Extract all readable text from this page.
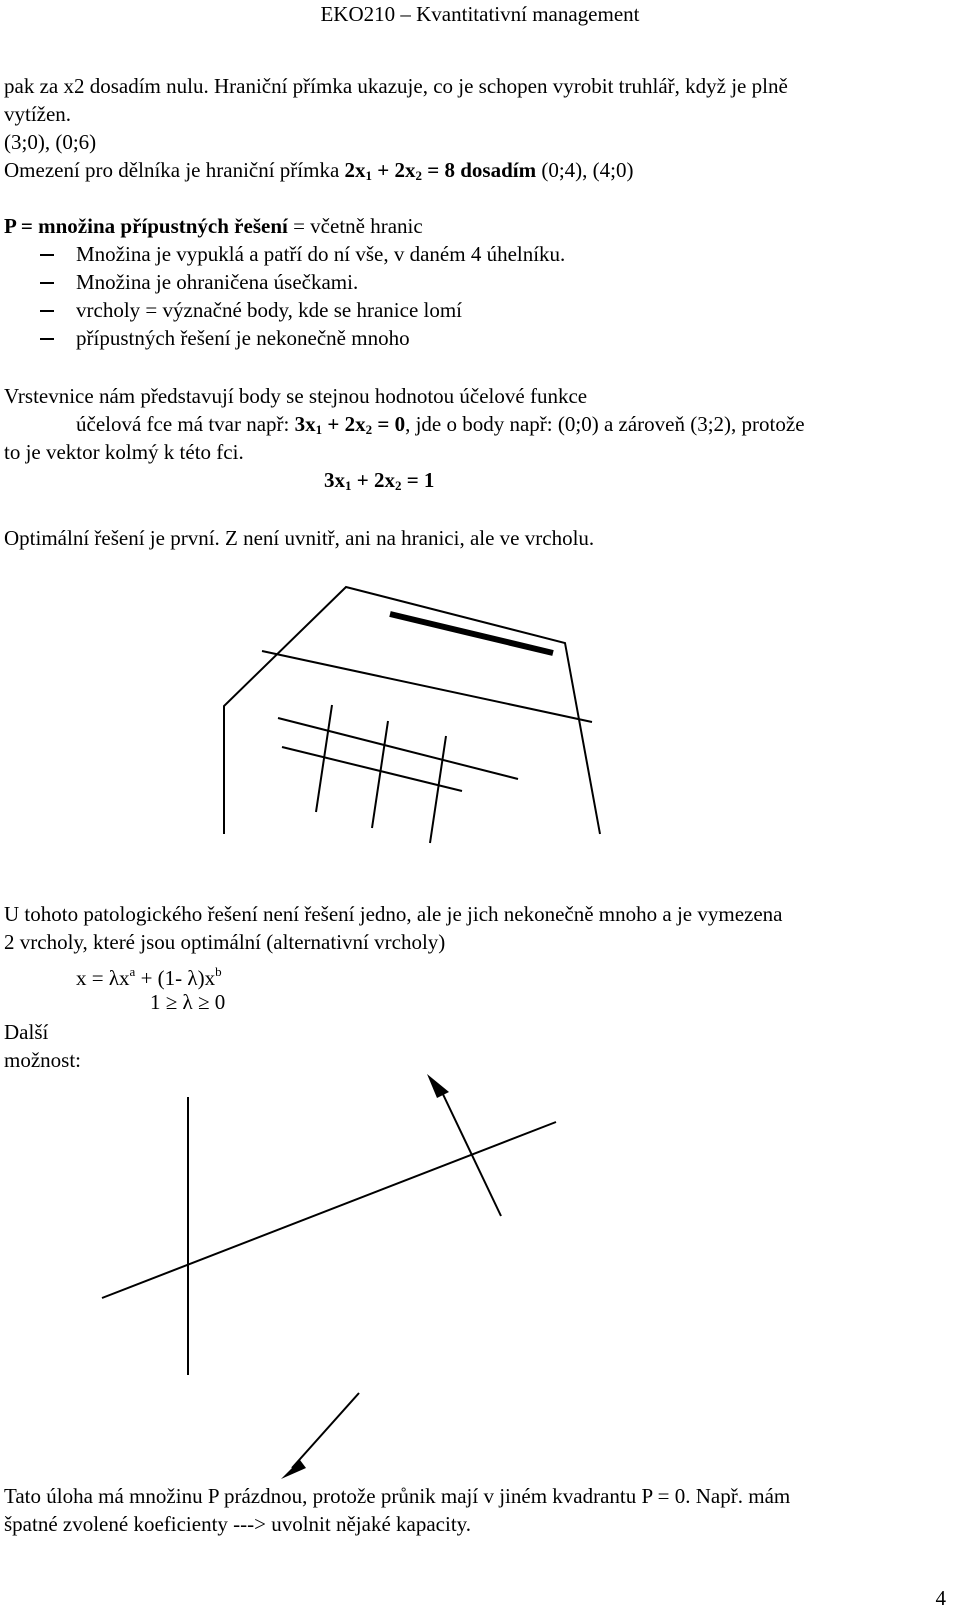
EKO210 – Kvantitativní management
pak za x2 dosadím nulu. Hraniční přímka ukazuje, co je schopen vyrobit truhlář, když je plně
vytížen.
(3;0), (0;6)
Omezení pro dělníka je hraniční přímka $2x_1 + 2x_2 = 8$ dosadím (0;4), (4;0)
P = množina přípustných řešení = včetně hranic
Množina je vypuklá a patří do ní vše, v daném 4 úhelníku.
Množina je ohraničena úsečkami.
vrcholy = význačné body, kde se hranice lomí
přípustných řešení je nekonečně mnoho
Vrstevnice nám představují body se stejnou hodnotou účelové funkce
účelová fce má tvar např: $3x_1 + 2x_2 = 0$, jde o body např: (0;0) a zároveň (3;2), protože
to je vektor kolmý k této fci.
$3x_1 + 2x_2 = 1$
Optimální řešení je první. Z není uvnitř, ani na hranici, ale ve vrcholu.
U tohoto patologického řešení není řešení jedno, ale je jich nekonečně mnoho a je vymezena
2 vrcholy, které jsou optimální (alternativní vrcholy)
$x = \lambda x^a + (1-$ $\lambda)x^b$
1 ≥ λ ≥ 0
Další
možnost:
Tato úloha má množinu P prázdnou, protože průnik mají v jiném kvadrantu P = 0. Např. mám
špatné zvolené koeficienty ---> uvolnit nějaké kapacity.
4
